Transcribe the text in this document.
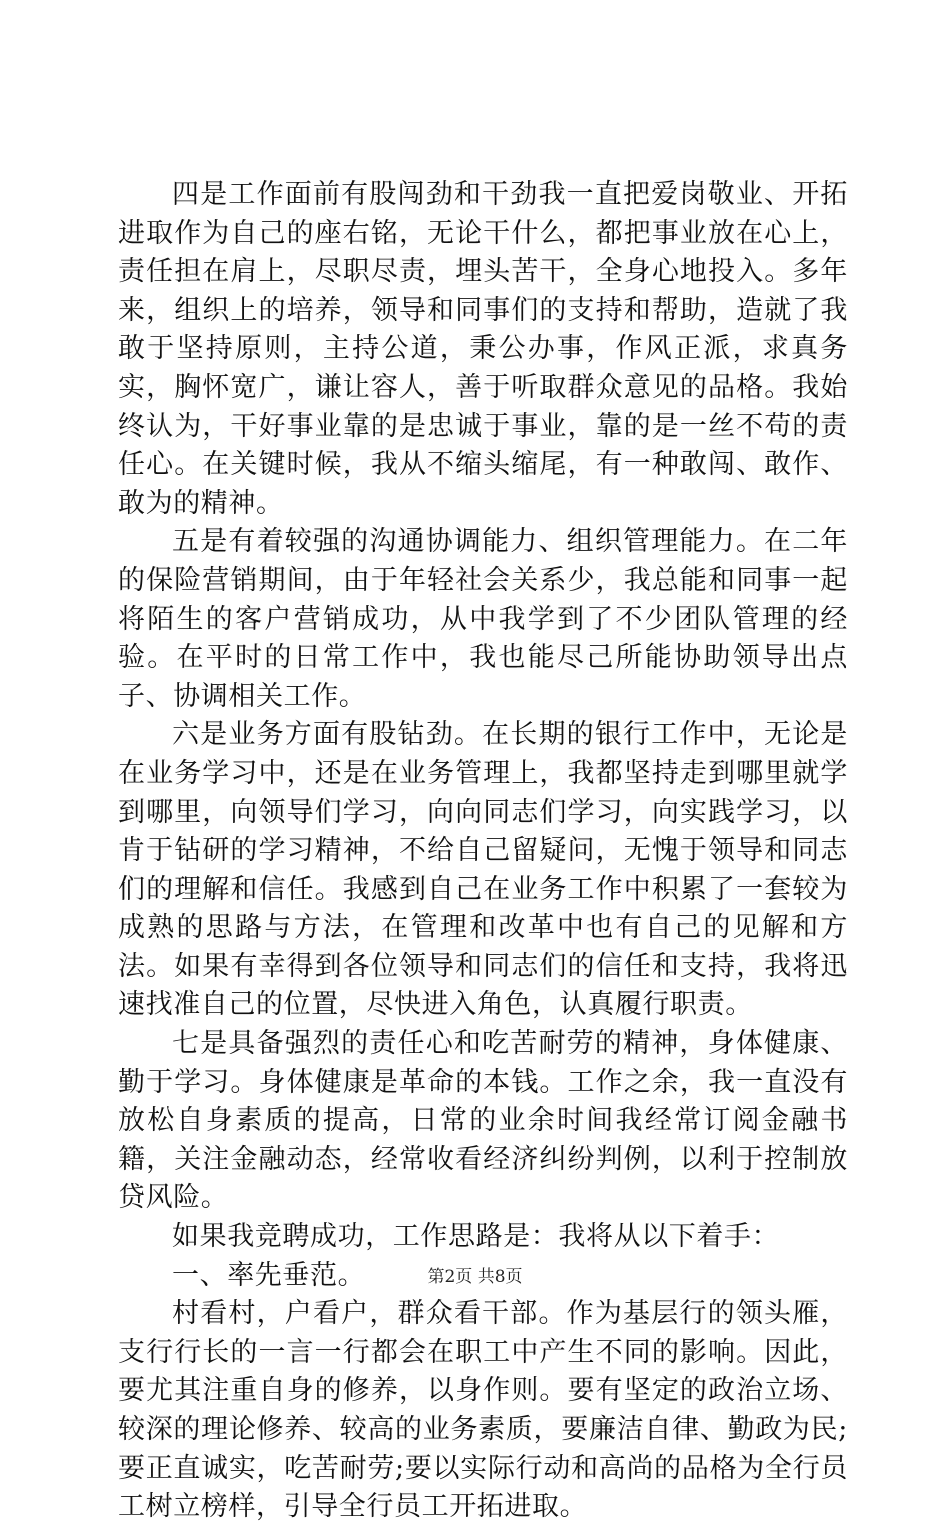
四是工作面前有股闯劲和干劲我一直把爱岗敬业、开拓进取作为自己的座右铭，无论干什么，都把事业放在心上，责任担在肩上，尽职尽责，埋头苦干，全身心地投入。多年来，组织上的培养，领导和同事们的支持和帮助，造就了我敢于坚持原则，主持公道，秉公办事，作风正派，求真务实，胸怀宽广，谦让容人，善于听取群众意见的品格。我始终认为，干好事业靠的是忠诚于事业，靠的是一丝不苟的责任心。在关键时候，我从不缩头缩尾，有一种敢闯、敢作、敢为的精神。

五是有着较强的沟通协调能力、组织管理能力。在二年的保险营销期间，由于年轻社会关系少，我总能和同事一起将陌生的客户营销成功，从中我学到了不少团队管理的经验。在平时的日常工作中，我也能尽己所能协助领导出点子、协调相关工作。

六是业务方面有股钻劲。在长期的银行工作中，无论是在业务学习中，还是在业务管理上，我都坚持走到哪里就学到哪里，向领导们学习，向向同志们学习，向实践学习，以肯于钻研的学习精神，不给自己留疑问，无愧于领导和同志们的理解和信任。我感到自己在业务工作中积累了一套较为成熟的思路与方法，在管理和改革中也有自己的见解和方法。如果有幸得到各位领导和同志们的信任和支持，我将迅速找准自己的位置，尽快进入角色，认真履行职责。

七是具备强烈的责任心和吃苦耐劳的精神，身体健康、勤于学习。身体健康是革命的本钱。工作之余，我一直没有放松自身素质的提高，日常的业余时间我经常订阅金融书籍，关注金融动态，经常收看经济纠纷判例，以利于控制放贷风险。

如果我竞聘成功，工作思路是：我将从以下着手：

一、率先垂范。

村看村，户看户，群众看干部。作为基层行的领头雁，支行行长的一言一行都会在职工中产生不同的影响。因此，要尤其注重自身的修养，以身作则。要有坚定的政治立场、较深的理论修养、较高的业务素质，要廉洁自律、勤政为民;要正直诚实，吃苦耐劳;要以实际行动和高尚的品格为全行员工树立榜样，引导全行员工开拓进取。

第2页 共8页
